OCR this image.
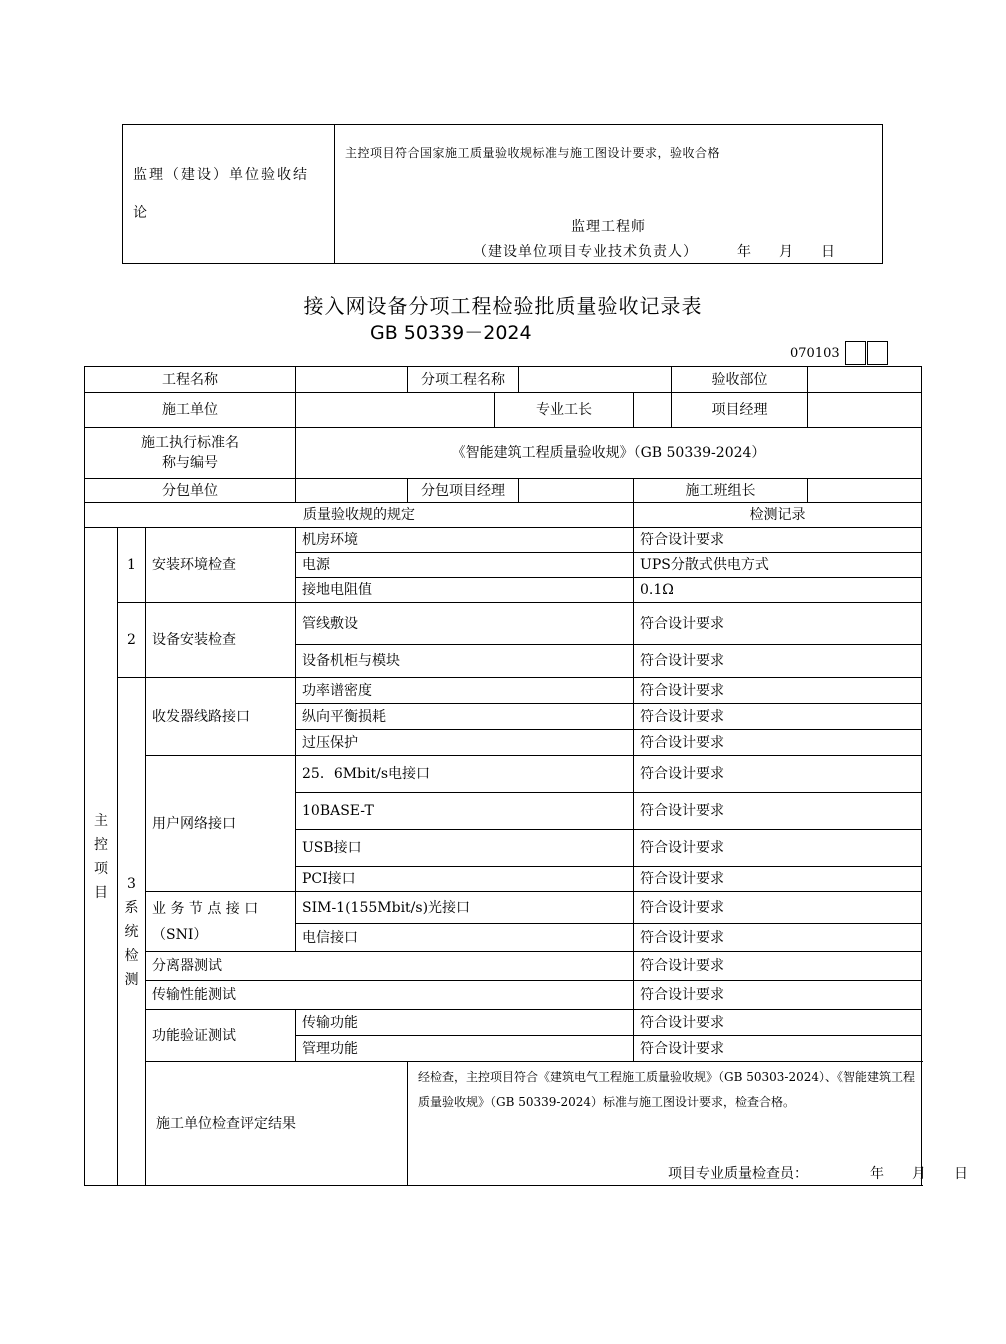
监理（建设）单位验收结
论

主控项目符合国家施工质量验收规标准与施工图设计要求，验收合格
监理工程师
（建设单位项目专业技术负责人）	年　　月　　日
接入网设备分项工程检验批质量验收记录表
GB 50339－2024
070103
工程名称				分项工程名称				验收部位	
施工单位					专业工长			项目经理	

施工执行标准名
称与编号			《智能建筑工程质量验收规》（GB 50339-2024）						
分包单位				分包项目经理			施工班组长		
质量验收规的规定							检测记录		

主
控
项
目	1	安装环境检查	机房环境				符合设计要求		
			电源				UPS分散式供电方式		
			接地电阻值				0.1Ω		
	2	设备安装检查	管线敷设				符合设计要求		
			设备机柜与模块				符合设计要求		

	3
系
统
检
测	收发器线路接口	功率谱密度				符合设计要求		
			纵向平衡损耗				符合设计要求		
			过压保护				符合设计要求		
		用户网络接口	25．6Mbit/s电接口				符合设计要求		
			10BASE-T				符合设计要求		
			USB接口				符合设计要求		
			PCI接口				符合设计要求		

		业 务 节 点 接 口
（SNI）	SIM-1(155Mbit/s)光接口				符合设计要求		
			电信接口				符合设计要求		
		分离器测试					符合设计要求		
		传输性能测试					符合设计要求		
		功能验证测试	传输功能				符合设计要求		
			管理功能				符合设计要求		
		施工单位检查评定结果		经检查，主控项目符合《建筑电气工程施工质量验收规》（GB 50303-2024）、《智能建筑工程
质量验收规》（GB 50339-2024）标准与施工图设计要求，检查合格。
项目专业质量检查员： 年　　月　　日					
